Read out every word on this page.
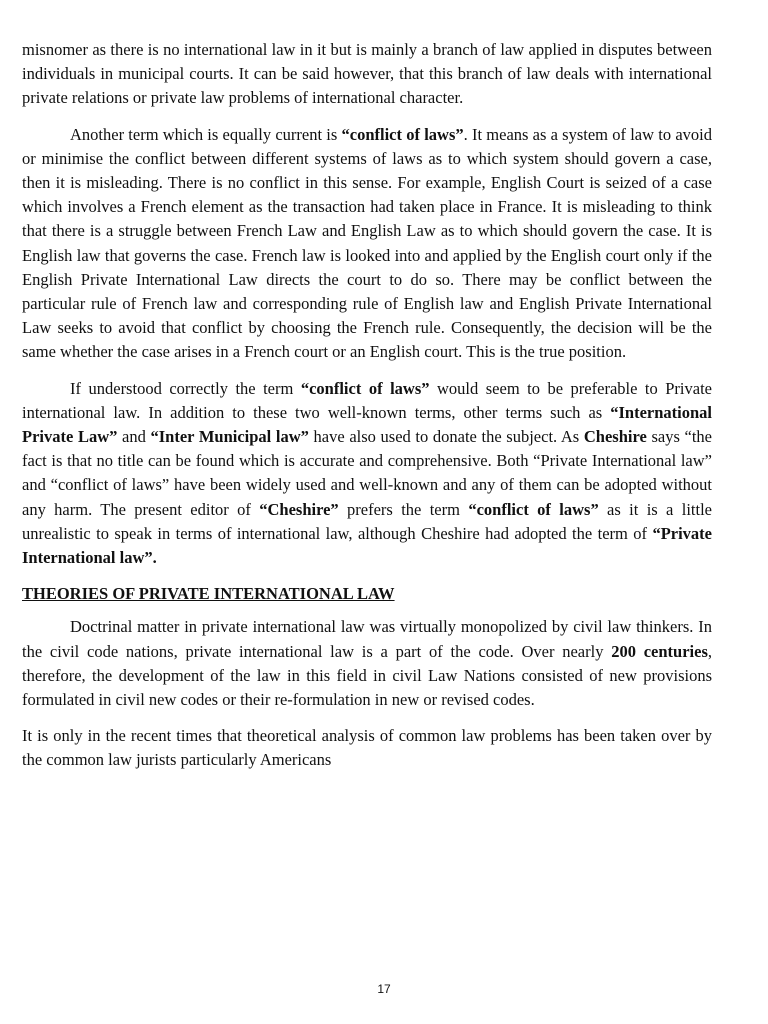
misnomer as there is no international law in it but is mainly a branch of law applied in disputes between individuals in municipal courts. It can be said however, that this branch of law deals with international private relations or private law problems of international character.

Another term which is equally current is “conflict of laws”. It means as a system of law to avoid or minimise the conflict between different systems of laws as to which system should govern a case, then it is misleading. There is no conflict in this sense. For example, English Court is seized of a case which involves a French element as the transaction had taken place in France. It is misleading to think that there is a struggle between French Law and English Law as to which should govern the case. It is English law that governs the case. French law is looked into and applied by the English court only if the English Private International Law directs the court to do so. There may be conflict between the particular rule of French law and corresponding rule of English law and English Private International Law seeks to avoid that conflict by choosing the French rule. Consequently, the decision will be the same whether the case arises in a French court or an English court. This is the true position.

If understood correctly the term “conflict of laws” would seem to be preferable to Private international law. In addition to these two well-known terms, other terms such as “International Private Law” and “Inter Municipal law” have also used to donate the subject. As Cheshire says “the fact is that no title can be found which is accurate and comprehensive. Both “Private International law” and “conflict of laws” have been widely used and well-known and any of them can be adopted without any harm. The present editor of “Cheshire” prefers the term “conflict of laws” as it is a little unrealistic to speak in terms of international law, although Cheshire had adopted the term of “Private International law”.

THEORIES OF PRIVATE INTERNATIONAL LAW

Doctrinal matter in private international law was virtually monopolized by civil law thinkers. In the civil code nations, private international law is a part of the code. Over nearly 200 centuries, therefore, the development of the law in this field in civil Law Nations consisted of new provisions formulated in civil new codes or their re-formulation in new or revised codes.

It is only in the recent times that theoretical analysis of common law problems has been taken over by the common law jurists particularly Americans

17
